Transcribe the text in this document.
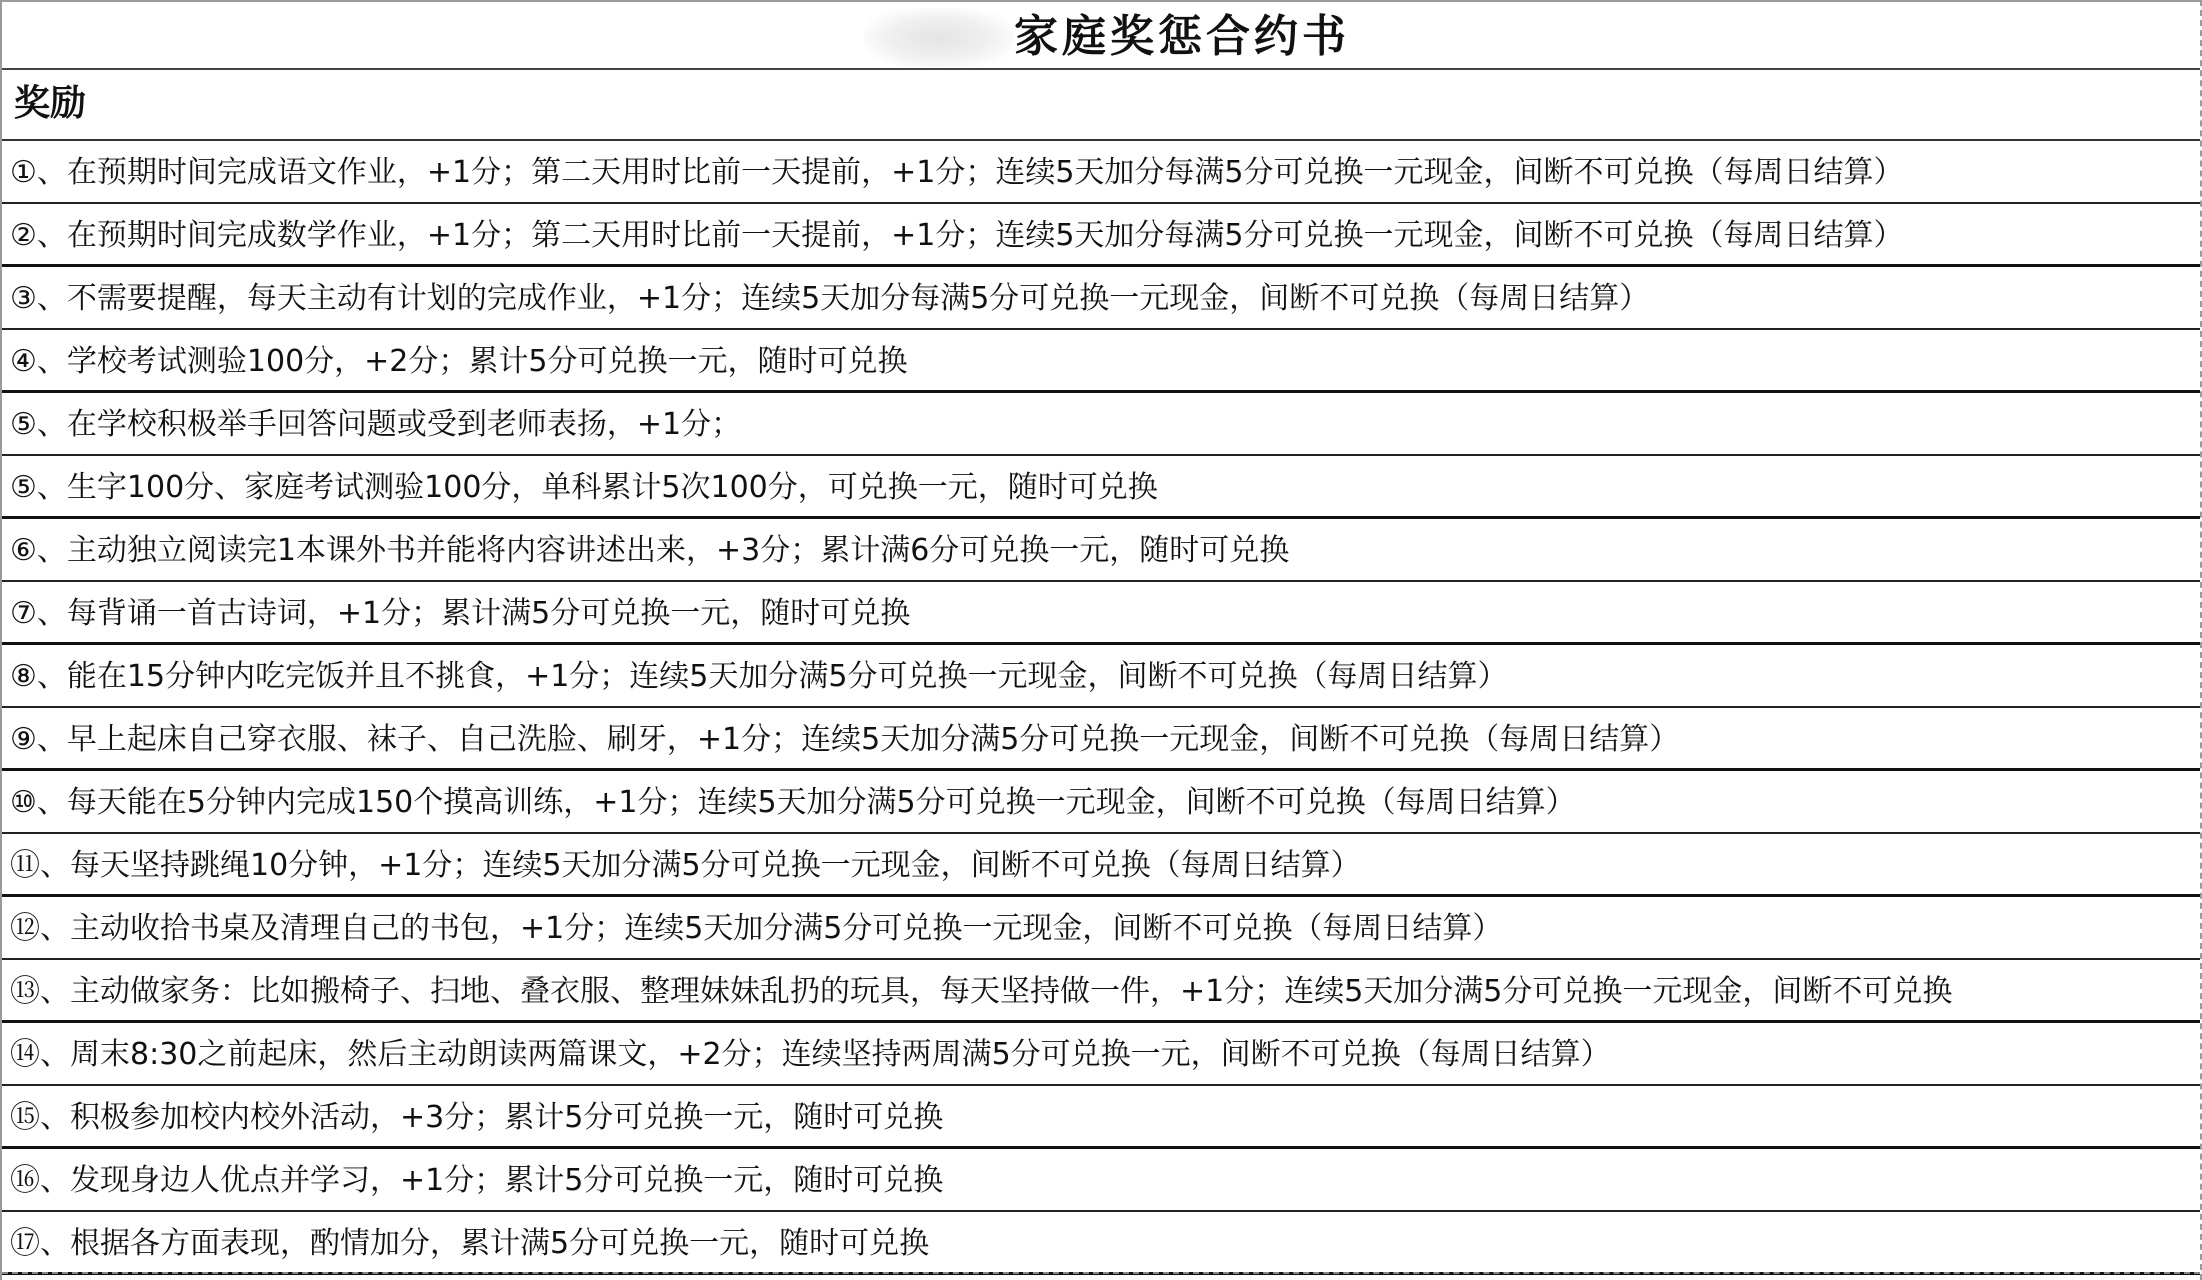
家庭奖惩合约书
奖励
①、在预期时间完成语文作业，+1分；第二天用时比前一天提前，+1分；连续5天加分每满5分可兑换一元现金，间断不可兑换（每周日结算）
②、在预期时间完成数学作业，+1分；第二天用时比前一天提前，+1分；连续5天加分每满5分可兑换一元现金，间断不可兑换（每周日结算）
③、不需要提醒，每天主动有计划的完成作业，+1分；连续5天加分每满5分可兑换一元现金，间断不可兑换（每周日结算）
④、学校考试测验100分，+2分；累计5分可兑换一元，随时可兑换
⑤、在学校积极举手回答问题或受到老师表扬，+1分；
⑤、生字100分、家庭考试测验100分，单科累计5次100分，可兑换一元，随时可兑换
⑥、主动独立阅读完1本课外书并能将内容讲述出来，+3分；累计满6分可兑换一元，随时可兑换
⑦、每背诵一首古诗词，+1分；累计满5分可兑换一元，随时可兑换
⑧、能在15分钟内吃完饭并且不挑食，+1分；连续5天加分满5分可兑换一元现金，间断不可兑换（每周日结算）
⑨、早上起床自己穿衣服、袜子、自己洗脸、刷牙，+1分；连续5天加分满5分可兑换一元现金，间断不可兑换（每周日结算）
⑩、每天能在5分钟内完成150个摸高训练，+1分；连续5天加分满5分可兑换一元现金，间断不可兑换（每周日结算）
⑪、每天坚持跳绳10分钟，+1分；连续5天加分满5分可兑换一元现金，间断不可兑换（每周日结算）
⑫、主动收拾书桌及清理自己的书包，+1分；连续5天加分满5分可兑换一元现金，间断不可兑换（每周日结算）
⑬、主动做家务：比如搬椅子、扫地、叠衣服、整理妹妹乱扔的玩具，每天坚持做一件，+1分；连续5天加分满5分可兑换一元现金，间断不可兑换
⑭、周末8:30之前起床，然后主动朗读两篇课文，+2分；连续坚持两周满5分可兑换一元，间断不可兑换（每周日结算）
⑮、积极参加校内校外活动，+3分；累计5分可兑换一元，随时可兑换
⑯、发现身边人优点并学习，+1分；累计5分可兑换一元，随时可兑换
⑰、根据各方面表现，酌情加分，累计满5分可兑换一元，随时可兑换
